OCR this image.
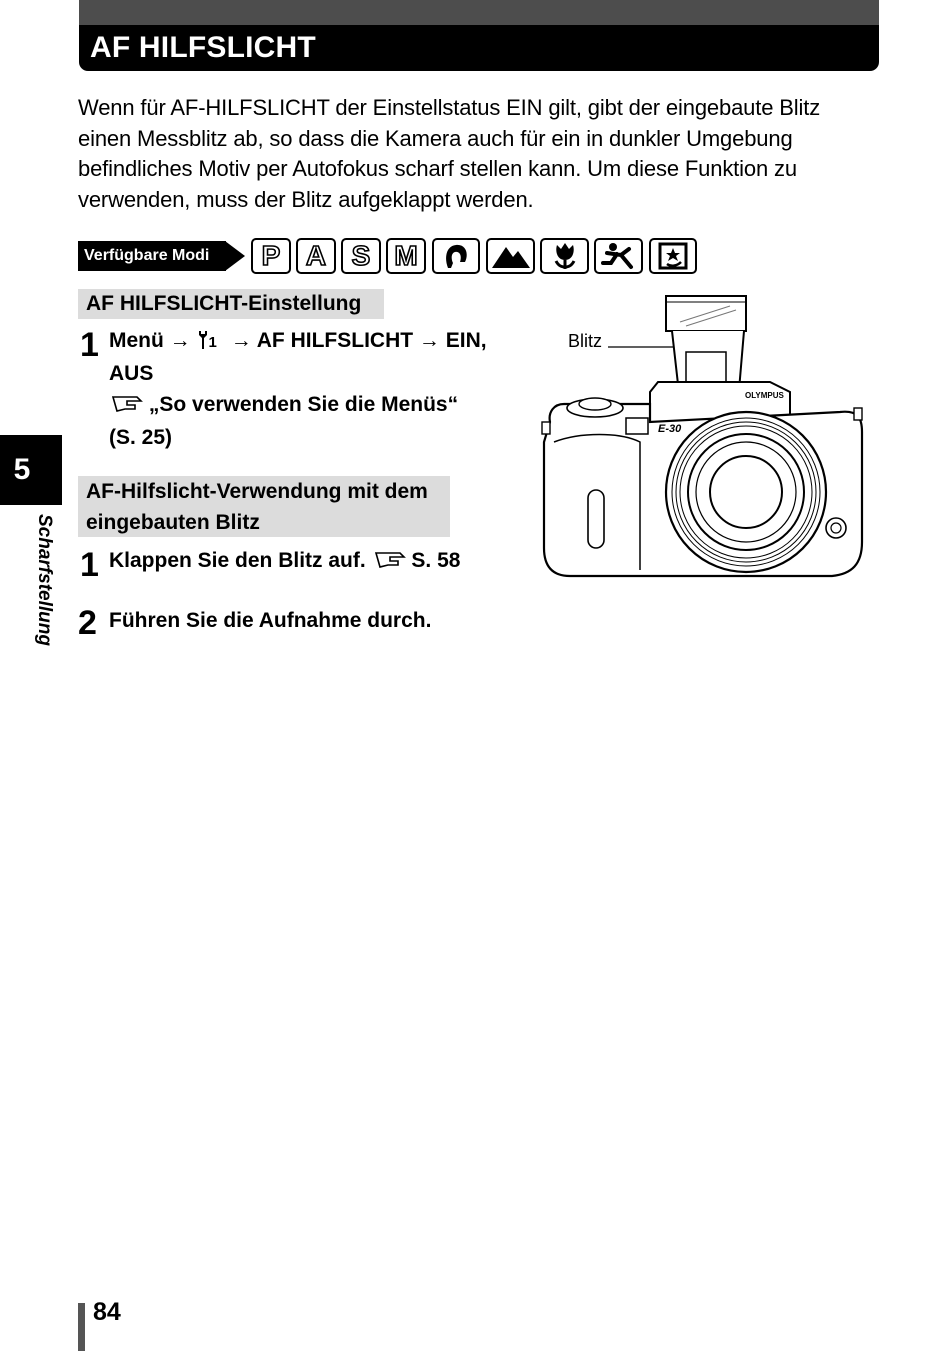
AF HILFSLICHT

Wenn für AF-HILFSLICHT der Einstellstatus EIN gilt, gibt der eingebaute Blitz einen Messblitz ab, so dass die Kamera auch für ein in dunkler Umgebung befindliches Motiv per Autofokus scharf stellen kann. Um diese Funktion zu verwenden, muss der Blitz aufgeklappt werden.

Verfügbare Modi	P A S M
AF HILFSLICHT-Einstellung
1 Menü → 1 → AF HILFSLICHT → EIN,
AUS
„So verwenden Sie die Menüs“
(S. 25)
AF-Hilfslicht-Verwendung mit dem
eingebauten Blitz
1 Klappen Sie den Blitz auf. S. 58
2 Führen Sie die Aufnahme durch.
Blitz
OLYMPUS
E-30
5
Scharfstellung
84
